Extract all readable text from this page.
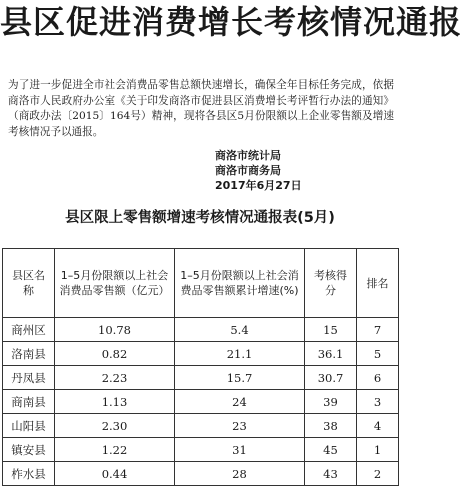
县区促进消费增长考核情况通报
为了进一步促进全市社会消费品零售总额快速增长，确保全年目标任务完成，依据商洛市人民政府办公室《关于印发商洛市促进县区消费增长考评暂行办法的通知》（商政办法〔2015〕164号）精神，现将各县区5月份限额以上企业零售额及增速考核情况予以通报。
商洛市统计局
商洛市商务局
2017年6月27日
县区限上零售额增速考核情况通报表(5月)
县区名称	1–5月份限额以上社会消费品零售额（亿元）	1–5月份限额以上社会消费品零售额累计增速(%)	考核得分	排名
商州区	10.78	5.4	15	7
洛南县	0.82	21.1	36.1	5
丹凤县	2.23	15.7	30.7	6
商南县	1.13	24	39	3
山阳县	2.30	23	38	4
镇安县	1.22	31	45	1
柞水县	0.44	28	43	2
